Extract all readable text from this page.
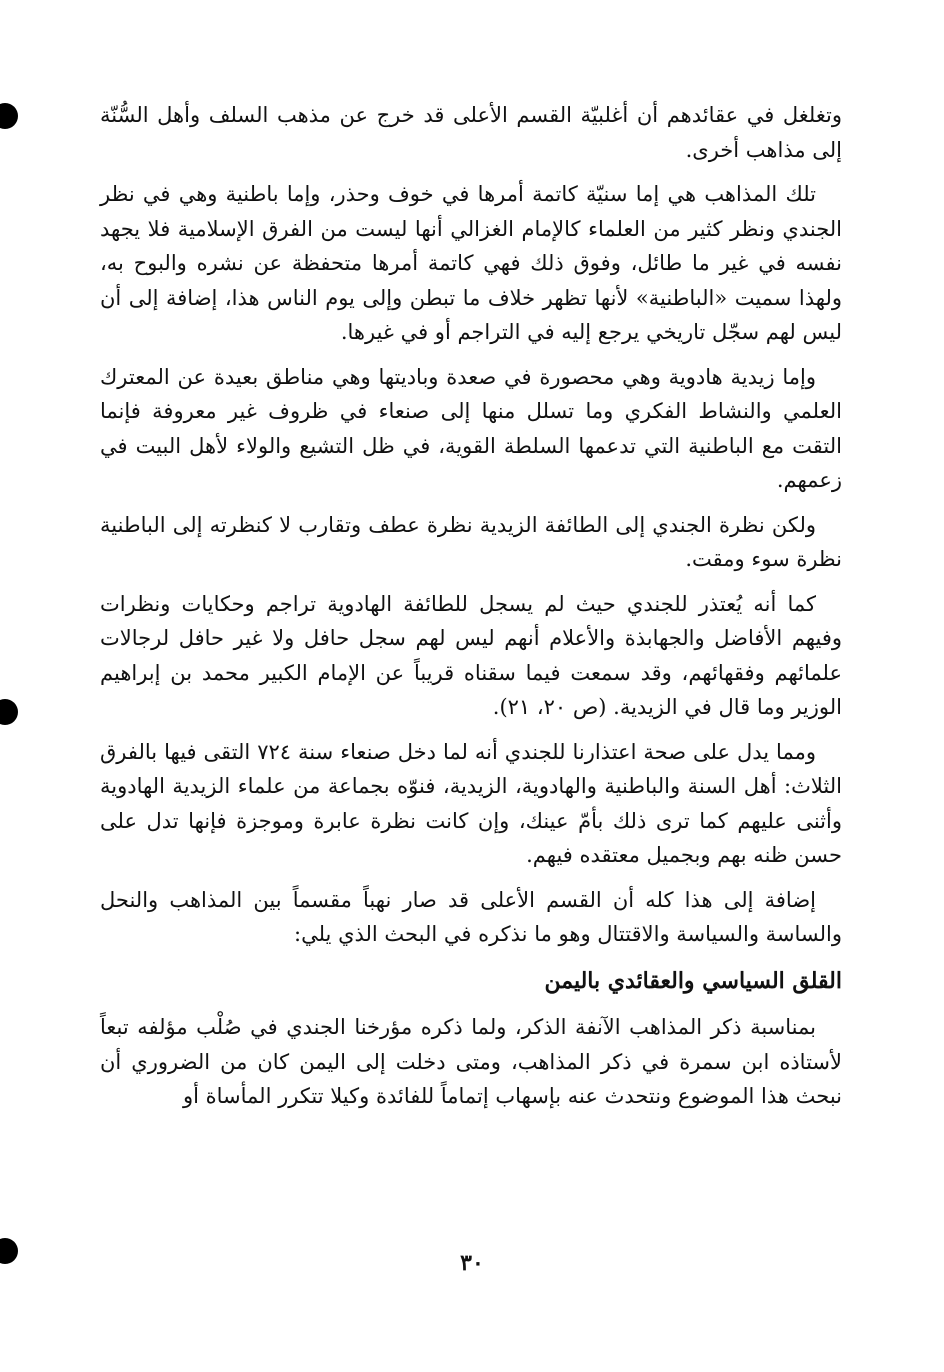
وتغلغل في عقائدهم أن أغلبيّة القسم الأعلى قد خرج عن مذهب السلف وأهل السُّنّة إلى مذاهب أخرى.

تلك المذاهب هي إما سنيّة كاتمة أمرها في خوف وحذر، وإما باطنية وهي في نظر الجندي ونظر كثير من العلماء كالإمام الغزالي أنها ليست من الفرق الإسلامية فلا يجهد نفسه في غير ما طائل، وفوق ذلك فهي كاتمة أمرها متحفظة عن نشره والبوح به، ولهذا سميت «الباطنية» لأنها تظهر خلاف ما تبطن وإلى يوم الناس هذا، إضافة إلى أن ليس لهم سجّل تاريخي يرجع إليه في التراجم أو في غيرها.

وإما زيدية هادوية وهي محصورة في صعدة وباديتها وهي مناطق بعيدة عن المعترك العلمي والنشاط الفكري وما تسلل منها إلى صنعاء في ظروف غير معروفة فإنما التقت مع الباطنية التي تدعمها السلطة القوية، في ظل التشيع والولاء لأهل البيت في زعمهم.

ولكن نظرة الجندي إلى الطائفة الزيدية نظرة عطف وتقارب لا كنظرته إلى الباطنية نظرة سوء ومقت.

كما أنه يُعتذر للجندي حيث لم يسجل للطائفة الهادوية تراجم وحكايات ونظرات وفيهم الأفاضل والجهابذة والأعلام أنهم ليس لهم سجل حافل ولا غير حافل لرجالات علمائهم وفقهائهم، وقد سمعت فيما سقناه قريباً عن الإمام الكبير محمد بن إبراهيم الوزير وما قال في الزيدية. (ص ٢٠، ٢١).

ومما يدل على صحة اعتذارنا للجندي أنه لما دخل صنعاء سنة ٧٢٤ التقى فيها بالفرق الثلاث: أهل السنة والباطنية والهادوية، الزيدية، فنوّه بجماعة من علماء الزيدية الهادوية وأثنى عليهم كما ترى ذلك بأمّ عينك، وإن كانت نظرة عابرة وموجزة فإنها تدل على حسن ظنه بهم وبجميل معتقده فيهم.

إضافة إلى هذا كله أن القسم الأعلى قد صار نهباً مقسماً بين المذاهب والنحل والساسة والسياسة والاقتتال وهو ما نذكره في البحث الذي يلي:

القلق السياسي والعقائدي باليمن

بمناسبة ذكر المذاهب الآنفة الذكر، ولما ذكره مؤرخنا الجندي في صُلْب مؤلفه تبعاً لأستاذه ابن سمرة في ذكر المذاهب، ومتى دخلت إلى اليمن كان من الضروري أن نبحث هذا الموضوع ونتحدث عنه بإسهاب إتماماً للفائدة وكيلا تتكرر المأساة أو

٣٠
